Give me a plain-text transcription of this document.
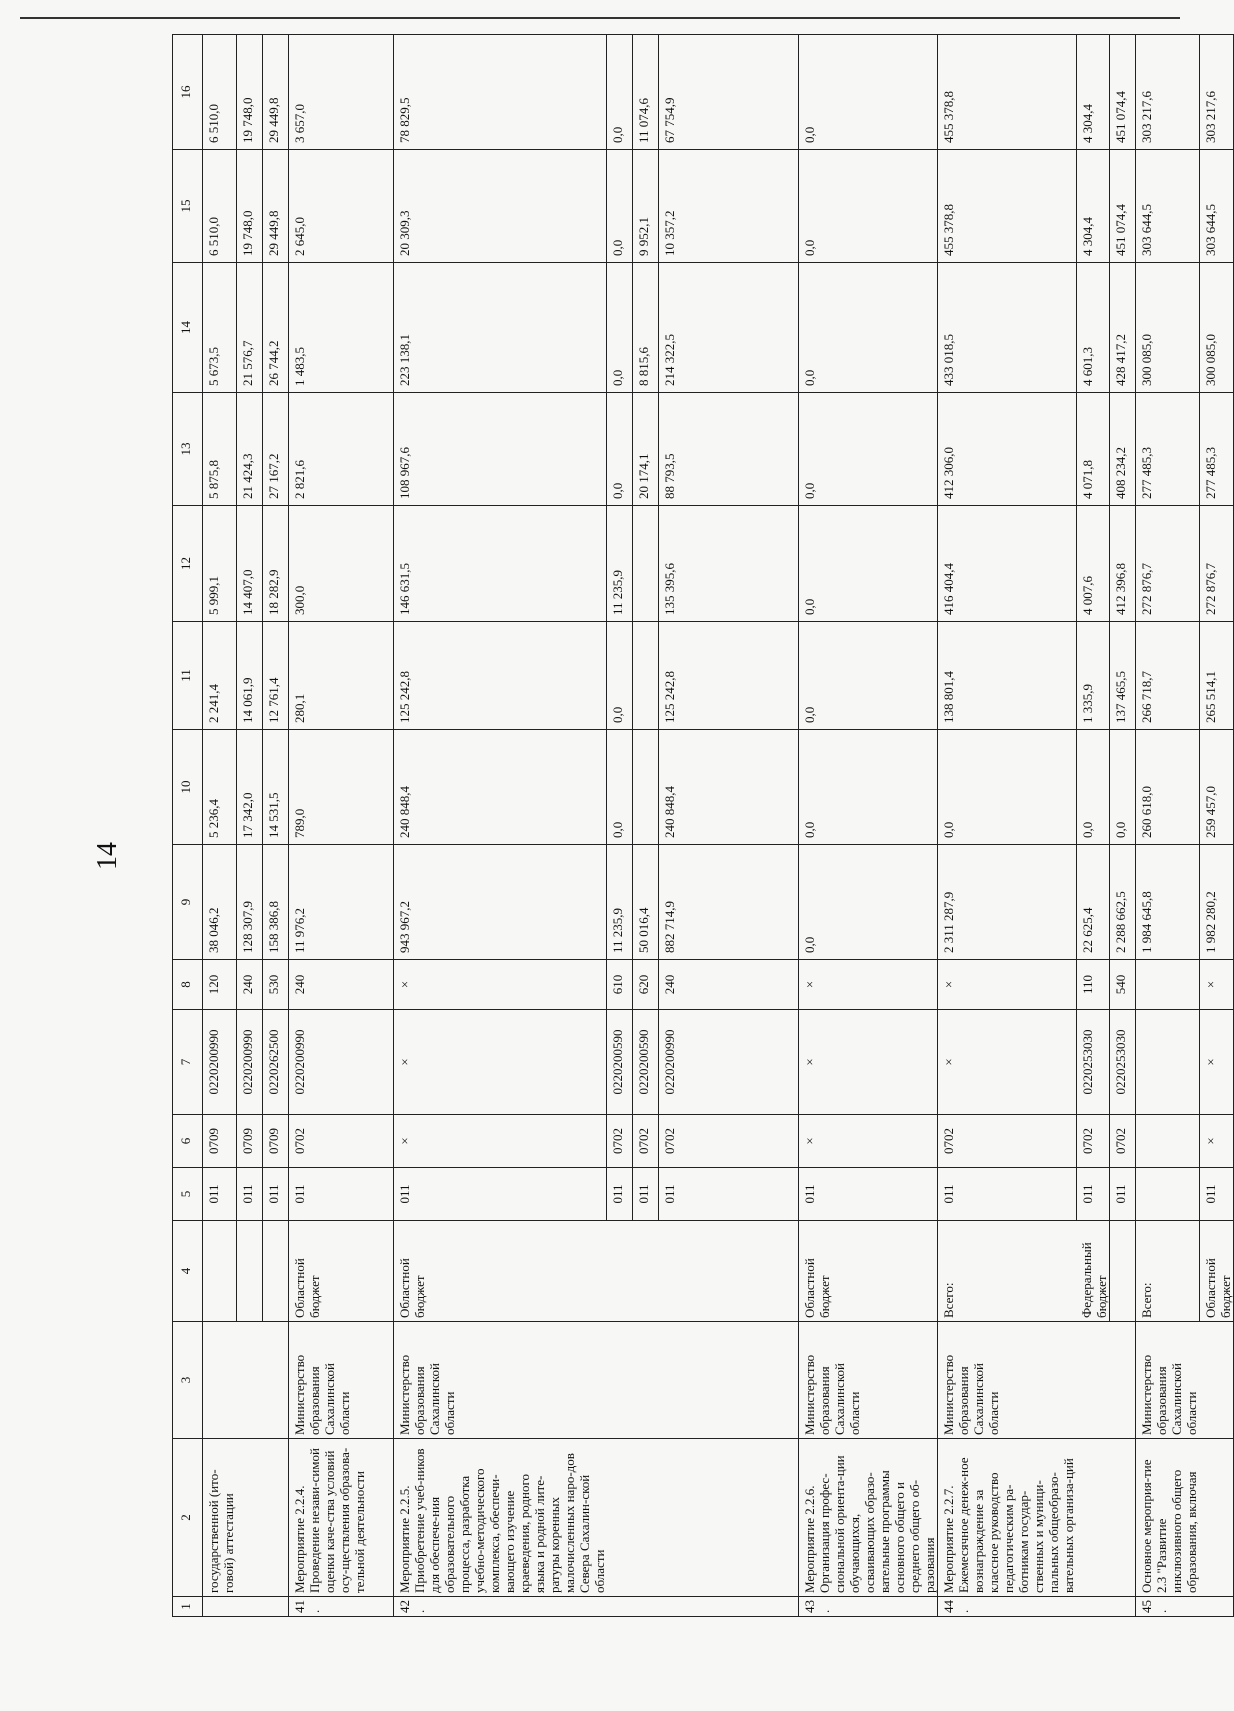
14
1	2	3	4	5	6	7	8	9	10	11	12	13	14	15	16
	государственной (ито-говой) аттестации			011	0709	0220200990	120	38 046,2	5 236,4	2 241,4	5 999,1	5 875,8	5 673,5	6 510,0	6 510,0
				011	0709	0220200990	240	128 307,9	17 342,0	14 061,9	14 407,0	21 424,3	21 576,7	19 748,0	19 748,0
				011	0709	0220262500	530	158 386,8	14 531,5	12 761,4	18 282,9	27 167,2	26 744,2	29 449,8	29 449,8
41.	Мероприятие 2.2.4. Проведение незави-симой оценки каче-ства условий осу-ществления образова-тельной деятельности	Министерство образования Сахалинской области	Областной бюджет	011	0702	0220200990	240	11 976,2	789,0	280,1	300,0	2 821,6	1 483,5	2 645,0	3 657,0
42.	Мероприятие 2.2.5. Приобретение учеб-ников для обеспече-ния образовательного процесса, разработка учебно-методического комплекса, обеспечи-вающего изучение краеведения, родного языка и родной лите-ратуры коренных малочисленных наро-дов Севера Сахалин-ской области	Министерство образования Сахалинской области	Областной бюджет	011	×	×	×	943 967,2	240 848,4	125 242,8	146 631,5	108 967,6	223 138,1	20 309,3	78 829,5
				011	0702	0220200590	610	11 235,9	0,0	0,0	11 235,9	0,0	0,0	0,0	0,0
				011	0702	0220200590	620	50 016,4				20 174,1	8 815,6	9 952,1	11 074,6
				011	0702	0220200990	240	882 714,9	240 848,4	125 242,8	135 395,6	88 793,5	214 322,5	10 357,2	67 754,9
43.	Мероприятие 2.2.6. Организация профес-сиональной ориента-ции обучающихся, осваивающих образо-вательные программы основного общего и среднего общего об-разования	Министерство образования Сахалинской области	Областной бюджет	011	×	×	×	0,0	0,0	0,0	0,0	0,0	0,0	0,0	0,0
44.	Мероприятие 2.2.7. Ежемесячное денеж-ное вознаграждение за классное руководство педагогическим ра-ботникам государ-ственных и муници-пальных общеобразо-вательных организа-ций	Министерство образования Сахалинской области	Всего:	011	0702	×	×	2 311 287,9	0,0	138 801,4	416 404,4	412 306,0	433 018,5	455 378,8	455 378,8
			Федеральный бюджет	011	0702	0220253030	110	22 625,4	0,0	1 335,9	4 007,6	4 071,8	4 601,3	4 304,4	4 304,4
				011	0702	0220253030	540	2 288 662,5	0,0	137 465,5	412 396,8	408 234,2	428 417,2	451 074,4	451 074,4
45.	Основное мероприя-тие 2.3 "Развитие инклюзивного общего образования, включая	Министерство образования Сахалинской области	Всего:					1 984 645,8	260 618,0	266 718,7	272 876,7	277 485,3	300 085,0	303 644,5	303 217,6
			Областной бюджет	011	×	×	×	1 982 280,2	259 457,0	265 514,1	272 876,7	277 485,3	300 085,0	303 644,5	303 217,6
